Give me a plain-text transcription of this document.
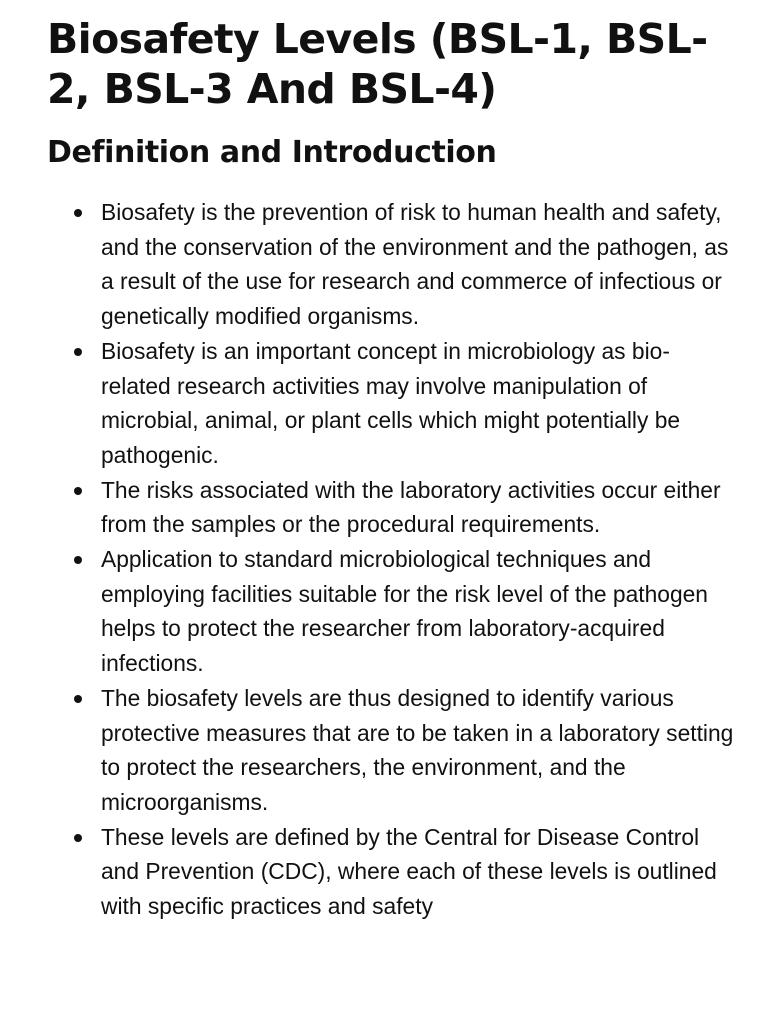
Biosafety Levels (BSL-1, BSL-2, BSL-3 And BSL-4)
Definition and Introduction
Biosafety is the prevention of risk to human health and safety, and the conservation of the environment and the pathogen, as a result of the use for research and commerce of infectious or genetically modified organisms.
Biosafety is an important concept in microbiology as bio-related research activities may involve manipulation of microbial, animal, or plant cells which might potentially be pathogenic.
The risks associated with the laboratory activities occur either from the samples or the procedural requirements.
Application to standard microbiological techniques and employing facilities suitable for the risk level of the pathogen helps to protect the researcher from laboratory-acquired infections.
The biosafety levels are thus designed to identify various protective measures that are to be taken in a laboratory setting to protect the researchers, the environment, and the microorganisms.
These levels are defined by the Central for Disease Control and Prevention (CDC), where each of these levels is outlined with specific practices and safety
